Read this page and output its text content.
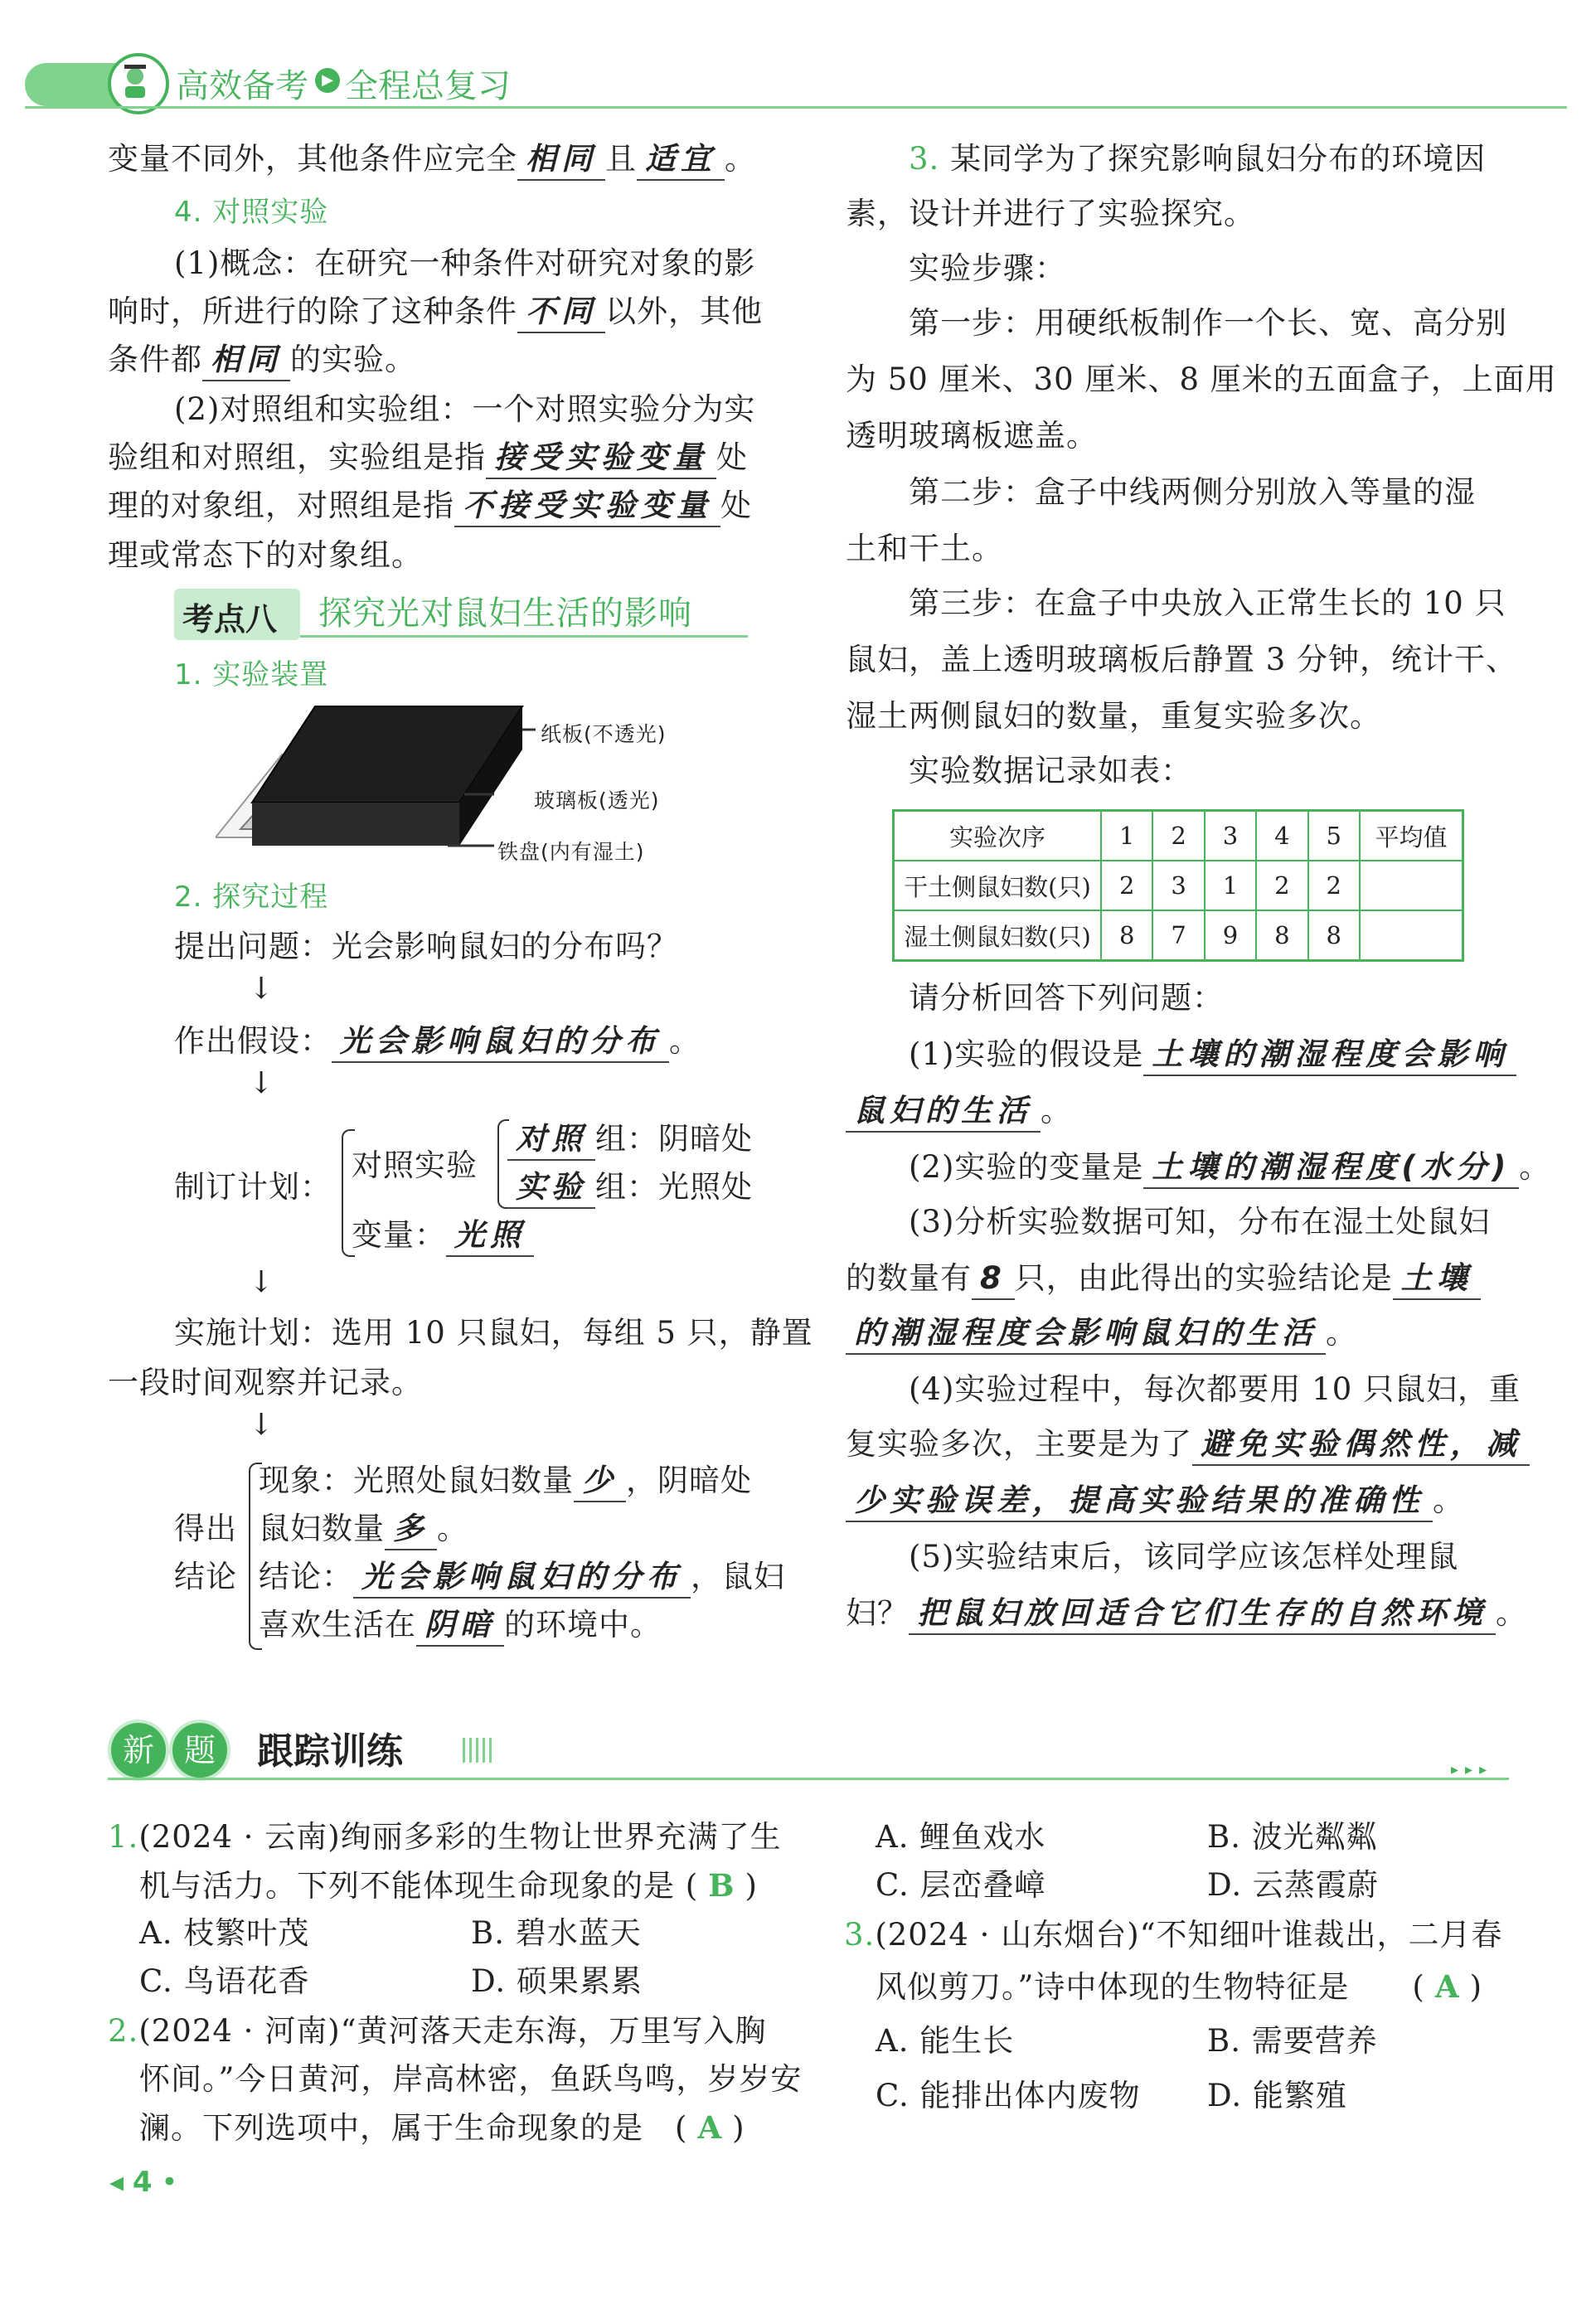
高效备考 ▶ 全程总复习
变量不同外，其他条件应完全 相同 且 适宜 。
4. 对照实验
(1)概念：在研究一种条件对研究对象的影
响时，所进行的除了这种条件 不同 以外，其他
条件都 相同 的实验。
(2)对照组和实验组：一个对照实验分为实
验组和对照组，实验组是指 接受实验变量 处
理的对象组，对照组是指 不接受实验变量 处
理或常态下的对象组。
考点八 探究光对鼠妇生活的影响
1. 实验装置
纸板(不透光)
玻璃板(透光)
铁盘(内有湿土)
2. 探究过程
提出问题：光会影响鼠妇的分布吗？
↓
作出假设： 光会影响鼠妇的分布 。
↓
制订计划：
对照实验
对照 组：阴暗处
实验 组：光照处
变量： 光照
↓
实施计划：选用 10 只鼠妇，每组 5 只，静置
一段时间观察并记录。
↓
得出
结论
现象：光照处鼠妇数量 少 ，阴暗处
鼠妇数量 多 。
结论： 光会影响鼠妇的分布 ，鼠妇
喜欢生活在 阴暗 的环境中。
3. 某同学为了探究影响鼠妇分布的环境因
素，设计并进行了实验探究。
实验步骤：
第一步：用硬纸板制作一个长、宽、高分别
为 50 厘米、30 厘米、8 厘米的五面盒子，上面用
透明玻璃板遮盖。
第二步：盒子中线两侧分别放入等量的湿
土和干土。
第三步：在盒子中央放入正常生长的 10 只
鼠妇，盖上透明玻璃板后静置 3 分钟，统计干、
湿土两侧鼠妇的数量，重复实验多次。
实验数据记录如表：
实验次序	1	2	3	4	5	平均值
干土侧鼠妇数(只)	2	3	1	2	2	
湿土侧鼠妇数(只)	8	7	9	8	8	
请分析回答下列问题：
(1)实验的假设是 土壤的潮湿程度会影响
鼠妇的生活 。
(2)实验的变量是 土壤的潮湿程度(水分) 。
(3)分析实验数据可知，分布在湿土处鼠妇
的数量有 8 只，由此得出的实验结论是 土壤
的潮湿程度会影响鼠妇的生活 。
(4)实验过程中，每次都要用 10 只鼠妇，重
复实验多次，主要是为了 避免实验偶然性，减
少实验误差，提高实验结果的准确性 。
(5)实验结束后，该同学应该怎样处理鼠
妇？ 把鼠妇放回适合它们生存的自然环境 。
新 题	跟踪训练	▸▸▸
1.(2024 · 云南)绚丽多彩的生物让世界充满了生
机与活力。下列不能体现生命现象的是 ( B )
A. 枝繁叶茂	B. 碧水蓝天
C. 鸟语花香	D. 硕果累累
2.(2024 · 河南)“黄河落天走东海，万里写入胸
怀间。”今日黄河，岸高林密，鱼跃鸟鸣，岁岁安
澜。下列选项中，属于生命现象的是　( A )
A. 鲤鱼戏水	B. 波光粼粼
C. 层峦叠嶂	D. 云蒸霞蔚
3.(2024 · 山东烟台)“不知细叶谁裁出，二月春
风似剪刀。”诗中体现的生物特征是　　( A )
A. 能生长	B. 需要营养
C. 能排出体内废物 D. 能繁殖
◂ 4 •
